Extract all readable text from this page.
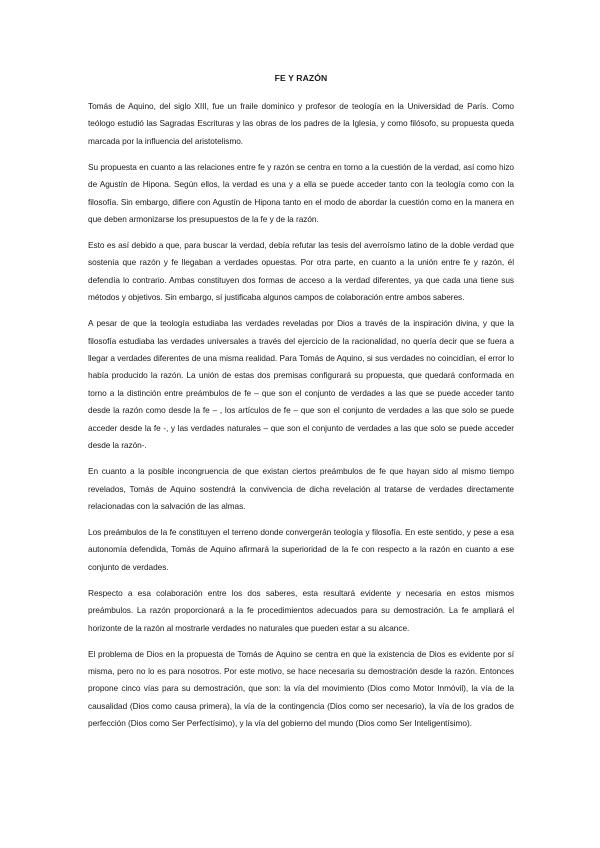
FE Y RAZÓN

Tomás de Aquino, del siglo XIII, fue un fraile dominico y profesor de teología en la Universidad de París. Como teólogo estudió las Sagradas Escrituras y las obras de los padres de la Iglesia, y como filósofo, su propuesta queda marcada por la influencia del aristotelismo.

Su propuesta en cuanto a las relaciones entre fe y razón se centra en torno a la cuestión de la verdad, así como hizo de Agustín de Hipona. Según ellos, la verdad es una y a ella se puede acceder tanto con la teología como con la filosofía. Sin embargo, difiere con Agustín de Hipona tanto en el modo de abordar la cuestión como en la manera en que deben armonizarse los presupuestos de la fe y de la razón.

Esto es así debido a que, para buscar la verdad, debía refutar las tesis del averroísmo latino de la doble verdad que sostenía que razón y fe llegaban a verdades opuestas. Por otra parte, en cuanto a la unión entre fe y razón, él defendía lo contrario. Ambas constituyen dos formas de acceso a la verdad diferentes, ya que cada una tiene sus métodos y objetivos. Sin embargo, sí justificaba algunos campos de colaboración entre ambos saberes.

A pesar de que la teología estudiaba las verdades reveladas por Dios a través de la inspiración divina, y que la filosofía estudiaba las verdades universales a través del ejercicio de la racionalidad, no quería decir que se fuera a llegar a verdades diferentes de una misma realidad. Para Tomás de Aquino, si sus verdades no coincidían, el error lo había producido la razón. La unión de estas dos premisas configurará su propuesta, que quedará conformada en torno a la distinción entre preámbulos de fe – que son el conjunto de verdades a las que se puede acceder tanto desde la razón como desde la fe – , los artículos de fe – que son el conjunto de verdades a las que solo se puede acceder desde la fe -, y las verdades naturales – que son el conjunto de verdades a las que solo se puede acceder desde la razón-.

En cuanto a la posible incongruencia de que existan ciertos preámbulos de fe que hayan sido al mismo tiempo revelados, Tomás de Aquino sostendrá la convivencia de dicha revelación al tratarse de verdades directamente relacionadas con la salvación de las almas.

Los preámbulos de la fe constituyen el terreno donde convergerán teología y filosofía. En este sentido, y pese a esa autonomía defendida, Tomás de Aquino afirmará la superioridad de la fe con respecto a la razón en cuanto a ese conjunto de verdades.

Respecto a esa colaboración entre los dos saberes, esta resultará evidente y necesaria en estos mismos preámbulos. La razón proporcionará a la fe procedimientos adecuados para su demostración. La fe ampliará el horizonte de la razón al mostrarle verdades no naturales que pueden estar a su alcance.

El problema de Dios en la propuesta de Tomás de Aquino se centra en que la existencia de Dios es evidente por sí misma, pero no lo es para nosotros. Por este motivo, se hace necesaria su demostración desde la razón. Entonces propone cinco vías para su demostración, que son: la vía del movimiento (Dios como Motor Inmóvil), la vía de la causalidad (Dios como causa primera), la vía de la contingencia (Dios como ser necesario), la vía de los grados de perfección (Dios como Ser Perfectísimo), y la vía del gobierno del mundo (Dios como Ser Inteligentísimo).
